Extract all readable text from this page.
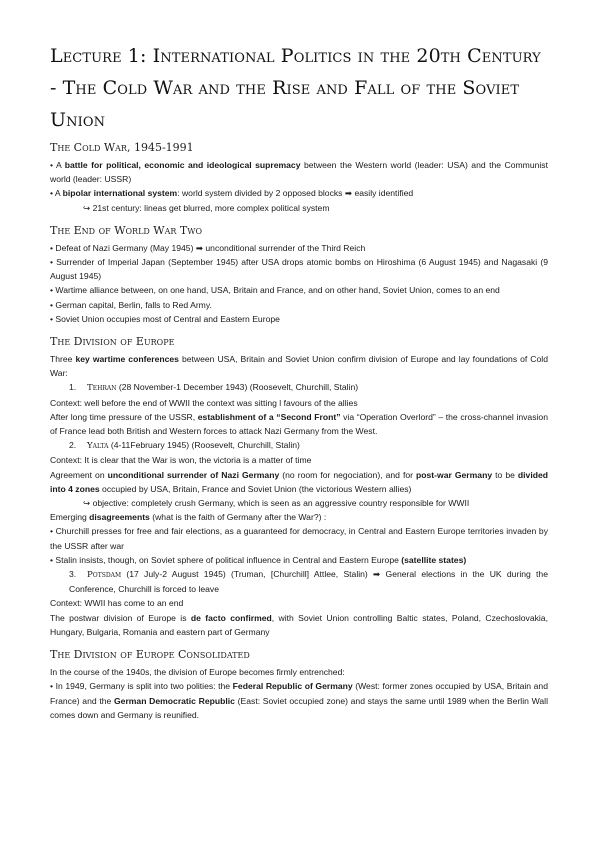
Lecture 1: International Politics in the 20th Century - The Cold War and the Rise and Fall of the Soviet Union
The Cold War, 1945-1991

• A battle for political, economic and ideological supremacy between the Western world (leader: USA) and the Communist world (leader: USSR)

• A bipolar international system: world system divided by 2 opposed blocks ➡ easily identified

↪ 21st century: lineas get blurred, more complex political system

The End of World War Two

• Defeat of Nazi Germany (May 1945) ➡ unconditional surrender of the Third Reich

• Surrender of Imperial Japan (September 1945) after USA drops atomic bombs on Hiroshima (6 August 1945) and Nagasaki (9 August 1945)

• Wartime alliance between, on one hand, USA, Britain and France, and on other hand, Soviet Union, comes to an end

• German capital, Berlin, falls to Red Army.

• Soviet Union occupies most of Central and Eastern Europe

The Division of Europe

Three key wartime conferences between USA, Britain and Soviet Union confirm division of Europe and lay foundations of Cold War:

1. Tehran (28 November-1 December 1943) (Roosevelt, Churchill, Stalin)

Context: well before the end of WWII the context was sitting l favours of the allies

After long time pressure of the USSR, establishment of a “Second Front” via “Operation Overlord” – the cross-channel invasion of France lead both British and Western forces to attack Nazi Germany from the West.

2. Yalta (4-11February 1945) (Roosevelt, Churchill, Stalin)

Context: It is clear that the War is won, the victoria is a matter of time

Agreement on unconditional surrender of Nazi Germany (no room for negociation), and for post-war Germany to be divided into 4 zones occupied by USA, Britain, France and Soviet Union (the victorious Western allies)

↪ objective: completely crush Germany, which is seen as an aggressive country responsible for WWII

Emerging disagreements (what is the faith of Germany after the War?) :

• Churchill presses for free and fair elections, as a guaranteed for democracy, in Central and Eastern Europe territories invaden by the USSR after war

• Stalin insists, though, on Soviet sphere of political influence in Central and Eastern Europe (satellite states)

3. Potsdam (17 July-2 August 1945) (Truman, [Churchill] Attlee, Stalin) ➡ General elections in the UK during the Conference, Churchill is forced to leave

Context: WWII has come to an end

The postwar division of Europe is de facto confirmed, with Soviet Union controlling Baltic states, Poland, Czechoslovakia, Hungary, Bulgaria, Romania and eastern part of Germany

The Division of Europe Consolidated

In the course of the 1940s, the division of Europe becomes firmly entrenched:

• In 1949, Germany is split into two polities: the Federal Republic of Germany (West: former zones occupied by USA, Britain and France) and the German Democratic Republic (East: Soviet occupied zone) and stays the same until 1989 when the Berlin Wall comes down and Germany is reunified.
